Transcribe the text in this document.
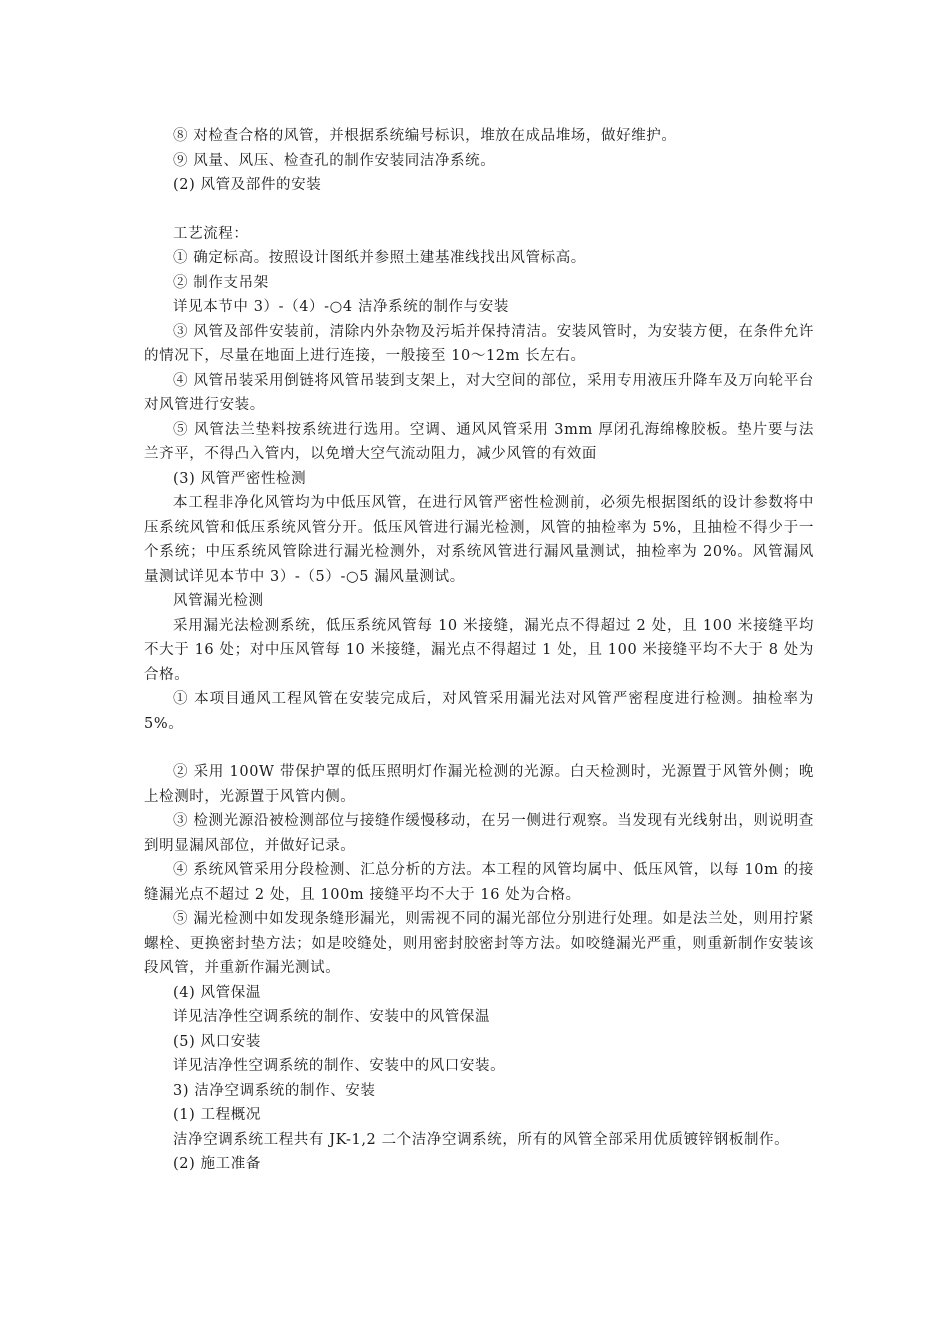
⑧ 对检查合格的风管，并根据系统编号标识，堆放在成品堆场，做好维护。

⑨ 风量、风压、检查孔的制作安装同洁净系统。

(2) 风管及部件的安装

工艺流程：

① 确定标高。按照设计图纸并参照土建基准线找出风管标高。

② 制作支吊架

详见本节中 3）-（4）-○4 洁净系统的制作与安装

③ 风管及部件安装前，清除内外杂物及污垢并保持清洁。安装风管时，为安装方便，在条件允许的情况下，尽量在地面上进行连接，一般接至 10～12m 长左右。

④ 风管吊装采用倒链将风管吊装到支架上，对大空间的部位，采用专用液压升降车及万向轮平台对风管进行安装。

⑤ 风管法兰垫料按系统进行选用。空调、通风风管采用 3mm 厚闭孔海绵橡胶板。垫片要与法兰齐平，不得凸入管内，以免增大空气流动阻力，减少风管的有效面

(3) 风管严密性检测

本工程非净化风管均为中低压风管，在进行风管严密性检测前，必须先根据图纸的设计参数将中压系统风管和低压系统风管分开。低压风管进行漏光检测，风管的抽检率为 5%，且抽检不得少于一个系统；中压系统风管除进行漏光检测外，对系统风管进行漏风量测试，抽检率为 20%。风管漏风量测试详见本节中 3）-（5）-○5 漏风量测试。

风管漏光检测

采用漏光法检测系统，低压系统风管每 10 米接缝，漏光点不得超过 2 处，且 100 米接缝平均不大于 16 处；对中压风管每 10 米接缝，漏光点不得超过 1 处，且 100 米接缝平均不大于 8 处为合格。

① 本项目通风工程风管在安装完成后，对风管采用漏光法对风管严密程度进行检测。抽检率为 5%。

② 采用 100W 带保护罩的低压照明灯作漏光检测的光源。白天检测时，光源置于风管外侧；晚上检测时，光源置于风管内侧。

③ 检测光源沿被检测部位与接缝作缓慢移动，在另一侧进行观察。当发现有光线射出，则说明查到明显漏风部位，并做好记录。

④ 系统风管采用分段检测、汇总分析的方法。本工程的风管均属中、低压风管，以每 10m 的接缝漏光点不超过 2 处，且 100m 接缝平均不大于 16 处为合格。

⑤ 漏光检测中如发现条缝形漏光，则需视不同的漏光部位分别进行处理。如是法兰处，则用拧紧螺栓、更换密封垫方法；如是咬缝处，则用密封胶密封等方法。如咬缝漏光严重，则重新制作安装该段风管，并重新作漏光测试。

(4) 风管保温

详见洁净性空调系统的制作、安装中的风管保温

(5) 风口安装

详见洁净性空调系统的制作、安装中的风口安装。

3) 洁净空调系统的制作、安装

(1) 工程概况

洁净空调系统工程共有 JK-1,2 二个洁净空调系统，所有的风管全部采用优质镀锌钢板制作。

(2) 施工准备
